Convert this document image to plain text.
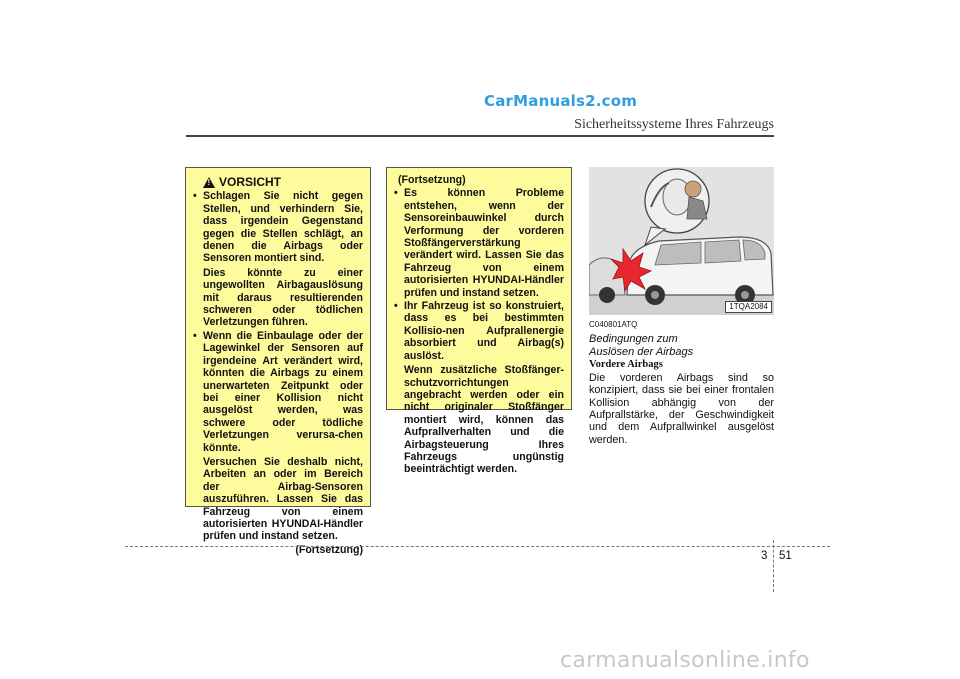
CarManuals2.com
Sicherheitssysteme Ihres Fahrzeugs
!
VORSICHT
• Schlagen Sie nicht gegen Stellen, und verhindern Sie, dass irgendein Gegenstand gegen die Stellen schlägt, an denen die Airbags oder Sensoren montiert sind.
Dies könnte zu einer ungewollten Airbagauslösung mit daraus resultierenden schweren oder tödlichen Verletzungen führen.
• Wenn die Einbaulage oder der Lagewinkel der Sensoren auf irgendeine Art verändert wird, könnten die Airbags zu einem unerwarteten Zeitpunkt oder bei einer Kollision nicht ausgelöst werden, was schwere oder tödliche Verletzungen verursa-chen könnte.
Versuchen Sie deshalb nicht, Arbeiten an oder im Bereich der Airbag-Sensoren auszuführen. Lassen Sie das Fahrzeug von einem autorisierten HYUNDAI-Händler prüfen und instand setzen.
(Fortsetzung)
(Fortsetzung)
• Es können Probleme entstehen, wenn der Sensoreinbauwinkel durch Verformung der vorderen Stoßfängerverstärkung verändert wird. Lassen Sie das Fahrzeug von einem autorisierten HYUNDAI-Händler prüfen und instand setzen.
• Ihr Fahrzeug ist so konstruiert, dass es bei bestimmten Kollisio-nen Aufprallenergie absorbiert und Airbag(s) auslöst.
Wenn zusätzliche Stoßfänger-schutzvorrichtungen angebracht werden oder ein nicht originaler Stoßfänger montiert wird, können das Aufprallverhalten und die Airbagsteuerung Ihres Fahrzeugs ungünstig beeinträchtigt werden.
1TQA2084
C040801ATQ
Bedingungen zum
Auslösen der Airbags
Vordere Airbags
Die vorderen Airbags sind so konzipiert, dass sie bei einer frontalen Kollision abhängig von der Aufprallstärke, der Geschwindigkeit und dem Aufprallwinkel ausgelöst werden.
3 51
carmanualsonline.info
